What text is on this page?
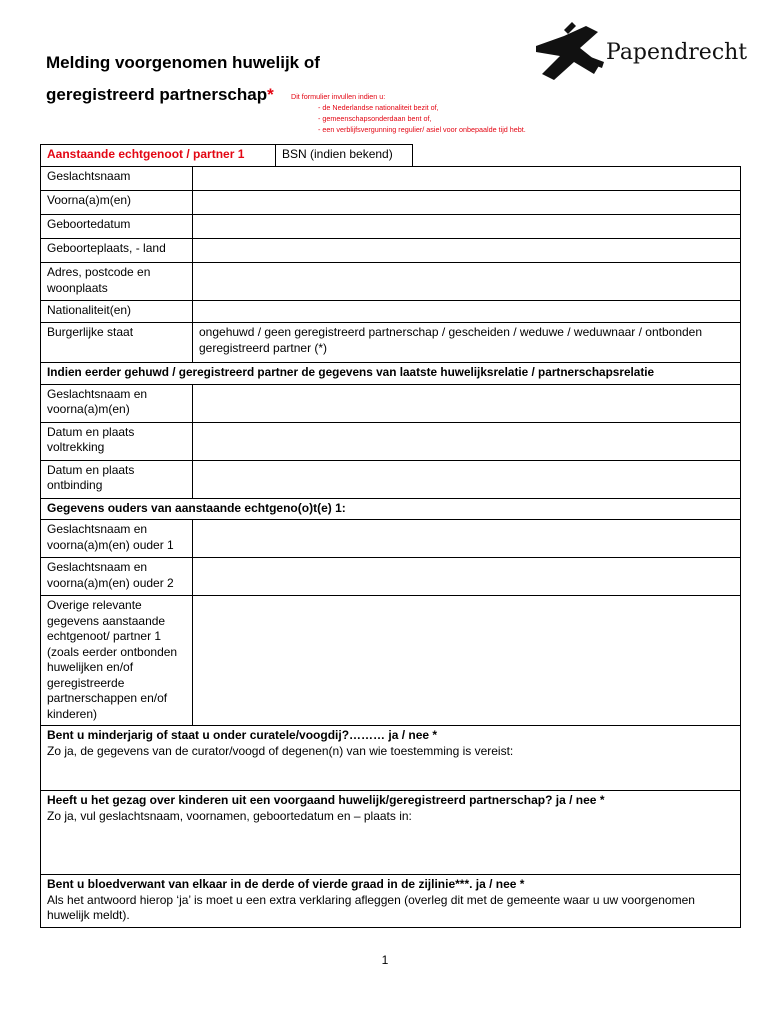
Melding voorgenomen huwelijk of
geregistreerd partnerschap* Dit formulier invullen indien u:
- de Nederlandse nationaliteit bezit of,
- gemeenschapsonderdaan bent of,
- een verblijfsvergunning regulier/ asiel voor onbepaalde tijd hebt.
Papendrecht
Aanstaande echtgenoot / partner 1		BSN (indien bekend)	
Geslachtsnaam			
Voorna(a)m(en)			
Geboortedatum			
Geboorteplaats, - land			
Adres, postcode en woonplaats			
Nationaliteit(en)			
Burgerlijke staat	ongehuwd / geen geregistreerd partnerschap / gescheiden / weduwe / weduwnaar / ontbonden geregistreerd partner (*)		
Indien eerder gehuwd / geregistreerd partner de gegevens van laatste huwelijksrelatie / partnerschapsrelatie			
Geslachtsnaam en voorna(a)m(en)			
Datum en plaats voltrekking			
Datum en plaats ontbinding			
Gegevens ouders van aanstaande echtgeno(o)t(e) 1:			
Geslachtsnaam en voorna(a)m(en) ouder 1			
Geslachtsnaam en voorna(a)m(en) ouder 2			
Overige relevante gegevens aanstaande echtgenoot/ partner 1 (zoals eerder ontbonden huwelijken en/of geregistreerde partnerschappen en/of kinderen)			

Bent u minderjarig of staat u onder curatele/voogdij?……… ja / nee *
Zo ja, de gegevens van de curator/voogd of degenen(n) van wie toestemming is vereist:			

Heeft u het gezag over kinderen uit een voorgaand huwelijk/geregistreerd partnerschap? ja / nee *
Zo ja, vul geslachtsnaam, voornamen, geboortedatum en – plaats in:			

Bent u bloedverwant van elkaar in de derde of vierde graad in de zijlinie***. ja / nee *
Als het antwoord hierop ‘ja’ is moet u een extra verklaring afleggen (overleg dit met de gemeente waar u uw voorgenomen huwelijk meldt).			
1
